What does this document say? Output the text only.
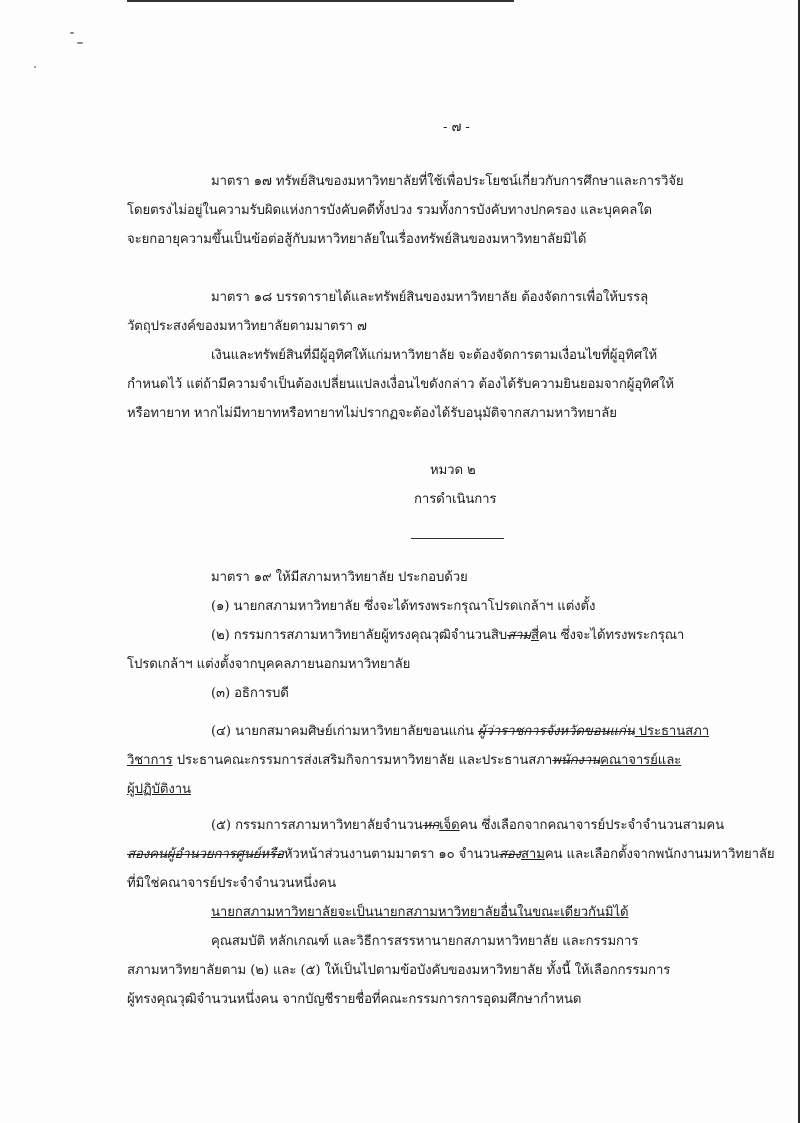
- ๗ -
มาตรา ๑๗ ทรัพย์สินของมหาวิทยาลัยที่ใช้เพื่อประโยชน์เกี่ยวกับการศึกษาและการวิจัย
โดยตรงไม่อยู่ในความรับผิดแห่งการบังคับคดีทั้งปวง รวมทั้งการบังคับทางปกครอง และบุคคลใด
จะยกอายุความขึ้นเป็นข้อต่อสู้กับมหาวิทยาลัยในเรื่องทรัพย์สินของมหาวิทยาลัยมิได้
มาตรา ๑๘ บรรดารายได้และทรัพย์สินของมหาวิทยาลัย ต้องจัดการเพื่อให้บรรลุ
วัตถุประสงค์ของมหาวิทยาลัยตามมาตรา ๗
เงินและทรัพย์สินที่มีผู้อุทิศให้แก่มหาวิทยาลัย จะต้องจัดการตามเงื่อนไขที่ผู้อุทิศให้
กำหนดไว้ แต่ถ้ามีความจำเป็นต้องเปลี่ยนแปลงเงื่อนไขดังกล่าว ต้องได้รับความยินยอมจากผู้อุทิศให้
หรือทายาท หากไม่มีทายาทหรือทายาทไม่ปรากฏจะต้องได้รับอนุมัติจากสภามหาวิทยาลัย
หมวด ๒
การดำเนินการ
มาตรา ๑๙ ให้มีสภามหาวิทยาลัย ประกอบด้วย
(๑) นายกสภามหาวิทยาลัย ซึ่งจะได้ทรงพระกรุณาโปรดเกล้าฯ แต่งตั้ง
(๒) กรรมการสภามหาวิทยาลัยผู้ทรงคุณวุฒิจำนวนสิบสามสี่คน ซึ่งจะได้ทรงพระกรุณา
โปรดเกล้าฯ แต่งตั้งจากบุคคลภายนอกมหาวิทยาลัย
(๓) อธิการบดี
(๔) นายกสมาคมศิษย์เก่ามหาวิทยาลัยขอนแก่น ผู้ว่าราชการจังหวัดขอนแก่น ประธานสภา
วิชาการ ประธานคณะกรรมการส่งเสริมกิจการมหาวิทยาลัย และประธานสภาพนักงานคณาจารย์และ
ผู้ปฏิบัติงาน
(๕) กรรมการสภามหาวิทยาลัยจำนวนหกเจ็ดคน ซึ่งเลือกจากคณาจารย์ประจำจำนวนสามคน
สองคนผู้อำนวยการศูนย์หรือหัวหน้าส่วนงานตามมาตรา ๑๐ จำนวนสองสามคน และเลือกตั้งจากพนักงานมหาวิทยาลัย
ที่มิใช่คณาจารย์ประจำจำนวนหนึ่งคน
นายกสภามหาวิทยาลัยจะเป็นนายกสภามหาวิทยาลัยอื่นในขณะเดียวกันมิได้
คุณสมบัติ หลักเกณฑ์ และวิธีการสรรหานายกสภามหาวิทยาลัย และกรรมการ
สภามหาวิทยาลัยตาม (๒) และ (๕) ให้เป็นไปตามข้อบังคับของมหาวิทยาลัย ทั้งนี้ ให้เลือกกรรมการ
ผู้ทรงคุณวุฒิจำนวนหนึ่งคน จากบัญชีรายชื่อที่คณะกรรมการการอุดมศึกษากำหนด
